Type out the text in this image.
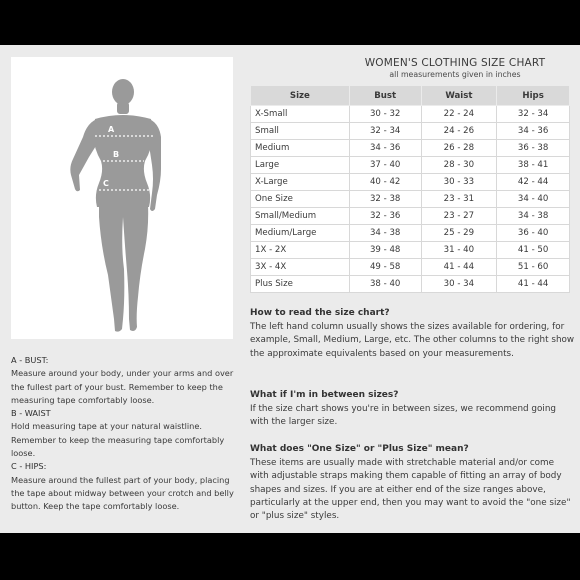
A
B
C

A - BUST:

Measure around your body, under your arms and over the fullest part of your bust. Remember to keep the measuring tape comfortably loose.

B - WAIST

Hold measuring tape at your natural waistline. Remember to keep the measuring tape comfortably loose.

C - HIPS:

Measure around the fullest part of your body, placing the tape about midway between your crotch and belly button. Keep the tape comfortably loose.

WOMEN'S CLOTHING SIZE CHART
all measurements given in inches
Size	Bust	Waist	Hips
X-Small	30 - 32	22 - 24	32 - 34
Small	32 - 34	24 - 26	34 - 36
Medium	34 - 36	26 - 28	36 - 38
Large	37 - 40	28 - 30	38 - 41
X-Large	40 - 42	30 - 33	42 - 44
One Size	32 - 38	23 - 31	34 - 40
Small/Medium	32 - 36	23 - 27	34 - 38
Medium/Large	34 - 38	25 - 29	36 - 40
1X - 2X	39 - 48	31 - 40	41 - 50
3X - 4X	49 - 58	41 - 44	51 - 60
Plus Size	38 - 40	30 - 34	41 - 44
How to read the size chart?

The left hand column usually shows the sizes available for ordering, for example, Small, Medium, Large, etc. The other columns to the right show the approximate equivalents based on your measurements.

What if I'm in between sizes?

If the size chart shows you're in between sizes, we recommend going with the larger size.

What does "One Size" or "Plus Size" mean?

These items are usually made with stretchable material and/or come with adjustable straps making them capable of fitting an array of body shapes and sizes. If you are at either end of the size ranges above, particularly at the upper end, then you may want to avoid the "one size" or "plus size" styles.
